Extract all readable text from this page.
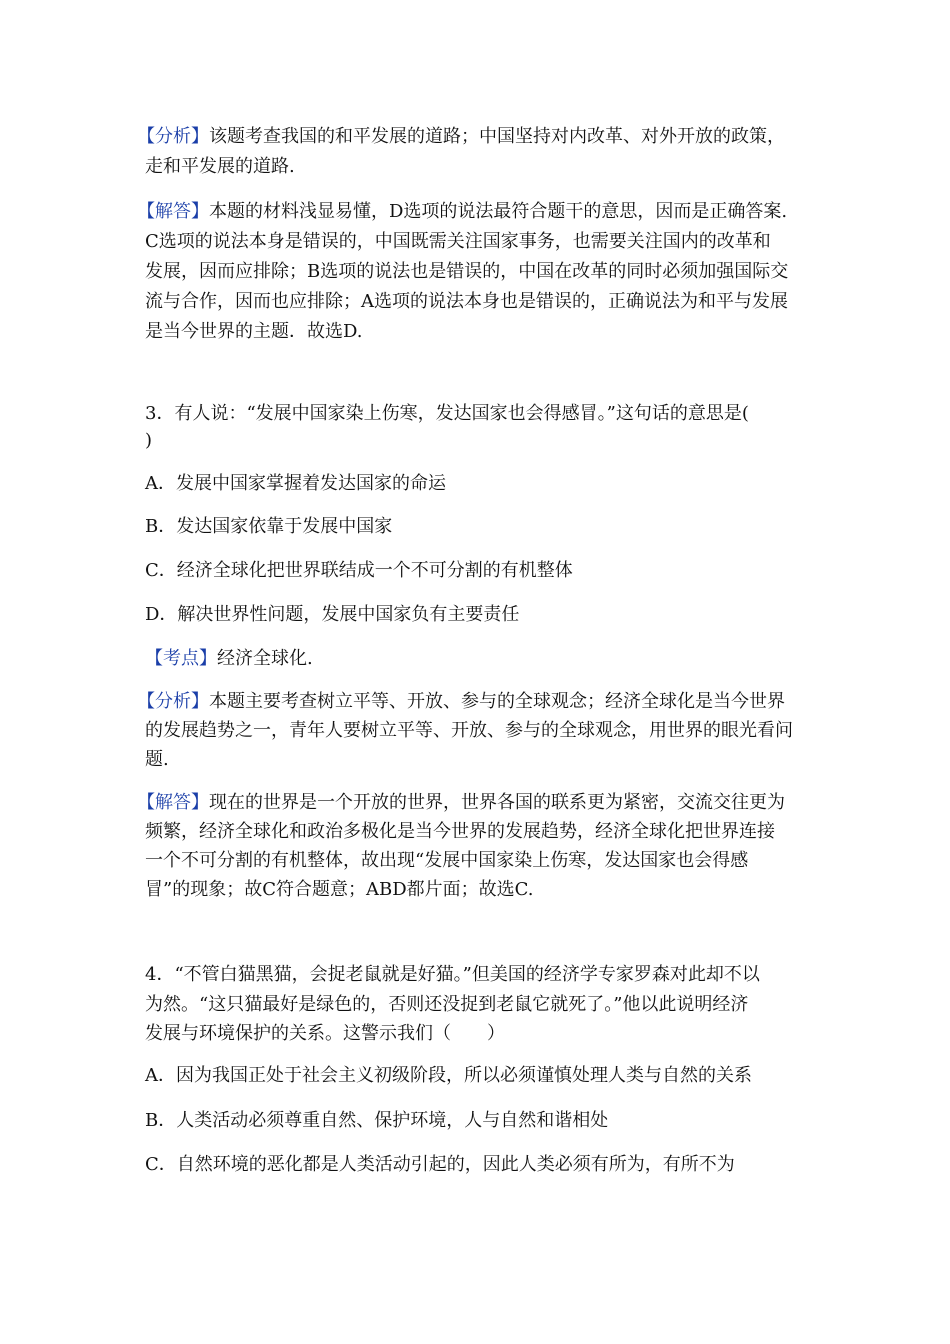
【分析】该题考查我国的和平发展的道路；中国坚持对内改革、对外开放的政策，
走和平发展的道路.
【解答】本题的材料浅显易懂，D选项的说法最符合题干的意思，因而是正确答案.
C选项的说法本身是错误的，中国既需关注国家事务，也需要关注国内的改革和
发展，因而应排除；B选项的说法也是错误的，中国在改革的同时必须加强国际交
流与合作，因而也应排除；A选项的说法本身也是错误的，正确说法为和平与发展
是当今世界的主题．故选D.
3．有人说：“发展中国家染上伤寒，发达国家也会得感冒。”这句话的意思是(
)
A．发展中国家掌握着发达国家的命运
B．发达国家依靠于发展中国家
C．经济全球化把世界联结成一个不可分割的有机整体
D．解决世界性问题，发展中国家负有主要责任
【考点】经济全球化.
【分析】本题主要考查树立平等、开放、参与的全球观念；经济全球化是当今世界
的发展趋势之一，青年人要树立平等、开放、参与的全球观念，用世界的眼光看问
题.
【解答】现在的世界是一个开放的世界，世界各国的联系更为紧密，交流交往更为
频繁，经济全球化和政治多极化是当今世界的发展趋势，经济全球化把世界连接
一个不可分割的有机整体，故出现“发展中国家染上伤寒，发达国家也会得感
冒”的现象；故C符合题意；ABD都片面；故选C.
4．“不管白猫黑猫，会捉老鼠就是好猫。”但美国的经济学专家罗森对此却不以
为然。“这只猫最好是绿色的，否则还没捉到老鼠它就死了。”他以此说明经济
发展与环境保护的关系。这警示我们（　　）
A．因为我国正处于社会主义初级阶段，所以必须谨慎处理人类与自然的关系
B．人类活动必须尊重自然、保护环境，人与自然和谐相处
C．自然环境的恶化都是人类活动引起的，因此人类必须有所为，有所不为
